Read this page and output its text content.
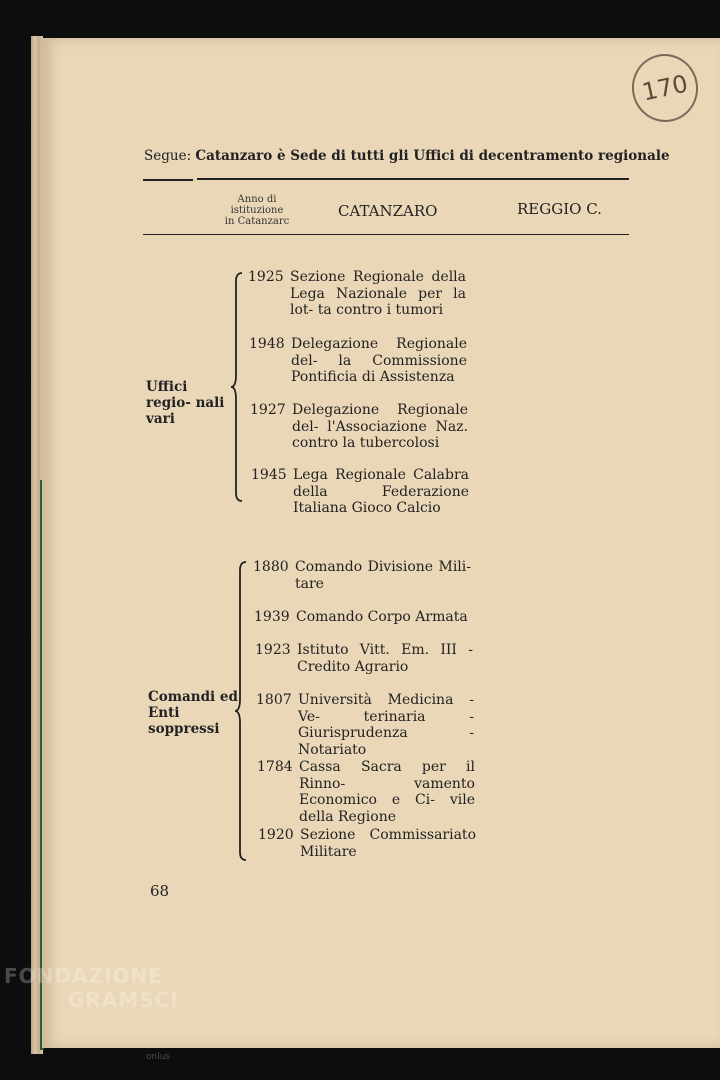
170
Segue: Catanzaro è Sede di tutti gli Uffici di decentramento regionale
Anno di
istituzione
in Catanzarc
CATANZARO	REGGIO C.
Uffici regio- nali vari
1925 Sezione Regionale della Lega Nazionale per la lot- ta contro i tumori
1948 Delegazione Regionale del- la Commissione Pontificia di Assistenza
1927 Delegazione Regionale del- l'Associazione Naz. contro la tubercolosi
1945 Lega Regionale Calabra della Federazione Italiana Gioco Calcio
Comandi ed Enti soppressi
1880 Comando Divisione Mili- tare
1939 Comando Corpo Armata
1923 Istituto Vitt. Em. III - Credito Agrario
1807 Università Medicina - Ve- terinaria - Giurisprudenza - Notariato
1784 Cassa Sacra per il Rinno- vamento Economico e Ci- vile della Regione
1920 Sezione Commissariato Militare
68
FONDAZIONE
GRAMSCI
onlus
